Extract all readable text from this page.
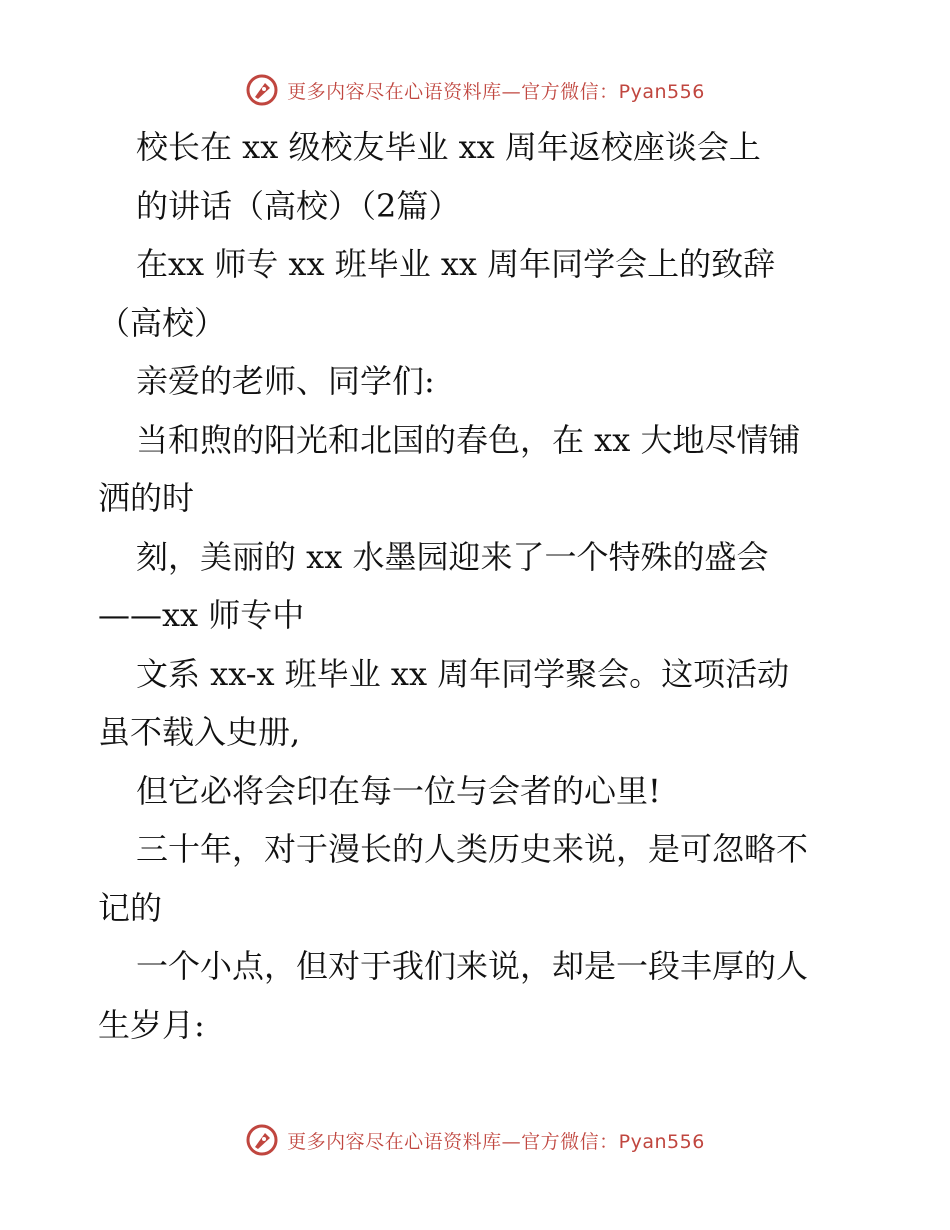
更多内容尽在心语资料库—官方微信：Pyan556
校长在 xx 级校友毕业 xx 周年返校座谈会上
的讲话（高校）（2篇）
在xx 师专 xx 班毕业 xx 周年同学会上的致辞
（高校）
亲爱的老师、同学们:
当和煦的阳光和北国的春色，在 xx 大地尽情铺
洒的时
刻，美丽的 xx 水墨园迎来了一个特殊的盛会
——xx 师专中
文系 xx-x 班毕业 xx 周年同学聚会。这项活动
虽不载入史册,
但它必将会印在每一位与会者的心里!
三十年，对于漫长的人类历史来说，是可忽略不
记的
一个小点，但对于我们来说，却是一段丰厚的人
生岁月:
更多内容尽在心语资料库—官方微信：Pyan556
